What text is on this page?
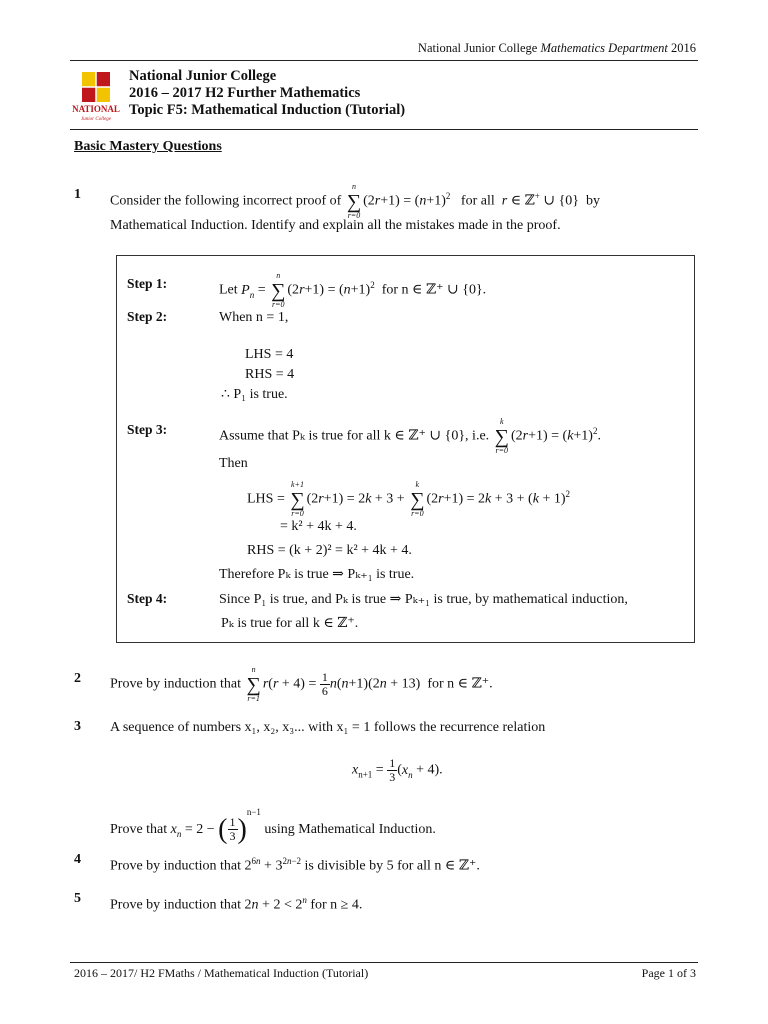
National Junior College Mathematics Department 2016
NATIONAL
Junior College
National Junior College
2016 – 2017 H2 Further Mathematics
Topic F5: Mathematical Induction (Tutorial)
Basic Mastery Questions
1 Consider the following incorrect proof of
n
∑
r=0
$(2r+1) = (n+1)^2$ for all r ∈ ℤ+ ∪ {0}  by
Mathematical Induction. Identify and explain all the mistakes made in the proof.
Step 1:	Let $P_n$ =
n
∑
r=0
$(2r+1) = (n+1)^2$ for n ∈ ℤ⁺ ∪ {0}.
Step 2:	When n = 1,
LHS = 4
RHS = 4
∴ P₁ is true.
Step 3:	Assume that Pₖ is true for all k ∈ ℤ⁺ ∪ {0}, i.e.
k
∑
r=0
$(2r+1) = (k+1)^2$.
Then
LHS =
k+1
∑
r=0
(2r+1) = 2k + 3 +
k
∑
r=0
$(2r+1) = 2k + 3 + (k + 1)^2$
= k² + 4k + 4.
RHS = (k + 2)² = k² + 4k + 4.
Therefore Pₖ is true ⇒ Pₖ₊₁ is true.
Step 4:	Since P₁ is true, and Pₖ is true ⇒ Pₖ₊₁ is true, by mathematical induction,
Pₖ is true for all k ∈ ℤ⁺.
2 Prove by induction that
n
∑
r=1
$r(r + 4) = \frac{1}{6} n(n+1)(2n + 13)$  for n ∈ ℤ⁺.
3 A sequence of numbers x₁, x₂, x₃... with x₁ = 1 follows the recurrence relation
$x_{n+1} = \frac{1}{3} (x_n + 4)$.
Prove that $x_n = 2$ − ( $\frac{1}{3} )^{n-1}$ using Mathematical Induction.
4 Prove by induction that $2^{6n} + 3^{2n-2}$ is divisible by 5 for all n ∈ ℤ⁺.
5 Prove by induction that $2n + 2 < 2^n$ for n ≥ 4.
2016 – 2017/ H2 FMaths / Mathematical Induction (Tutorial)	Page 1 of 3
